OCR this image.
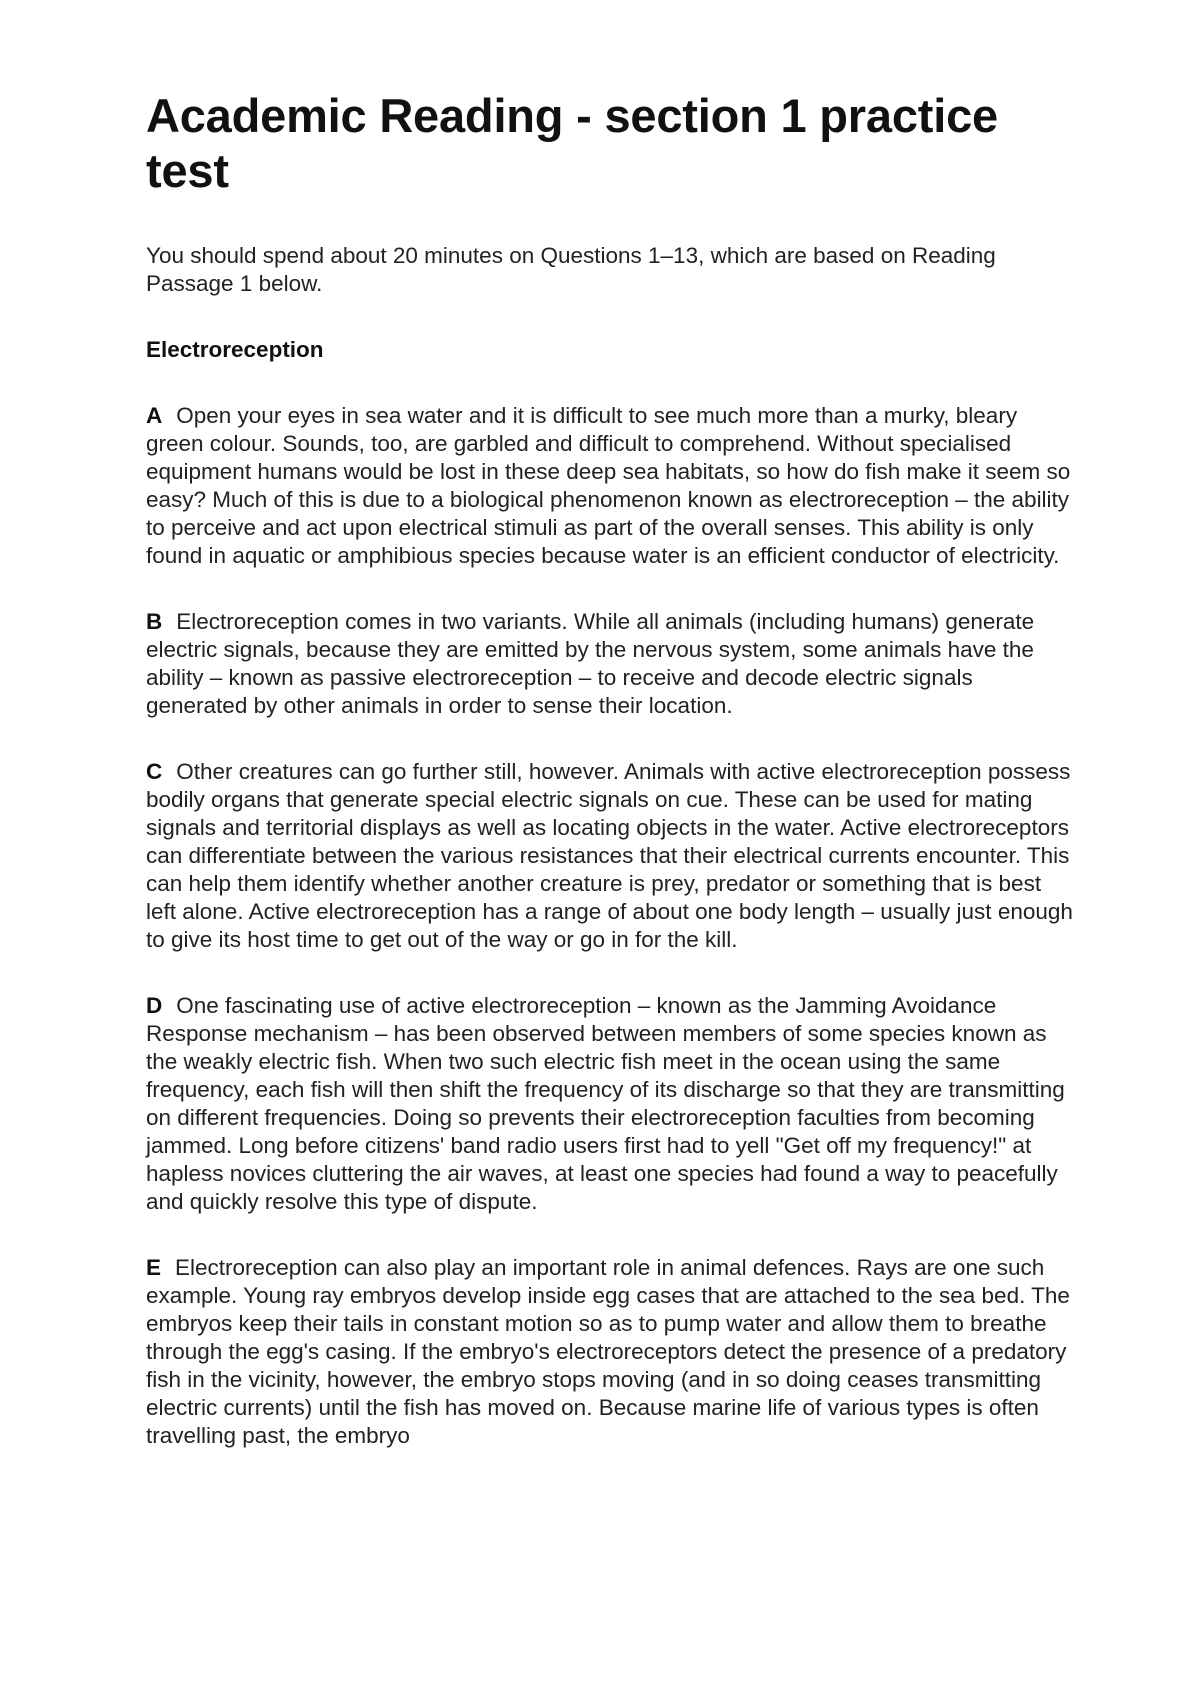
Academic Reading - section 1 practice test

You should spend about 20 minutes on Questions 1–13, which are based on Reading Passage 1 below.

Electroreception

A Open your eyes in sea water and it is difficult to see much more than a murky, bleary green colour. Sounds, too, are garbled and difficult to comprehend. Without specialised equipment humans would be lost in these deep sea habitats, so how do fish make it seem so easy? Much of this is due to a biological phenomenon known as electroreception – the ability to perceive and act upon electrical stimuli as part of the overall senses. This ability is only found in aquatic or amphibious species because water is an efficient conductor of electricity.

B Electroreception comes in two variants. While all animals (including humans) generate electric signals, because they are emitted by the nervous system, some animals have the ability – known as passive electroreception – to receive and decode electric signals generated by other animals in order to sense their location.

C Other creatures can go further still, however. Animals with active electroreception possess bodily organs that generate special electric signals on cue. These can be used for mating signals and territorial displays as well as locating objects in the water. Active electroreceptors can differentiate between the various resistances that their electrical currents encounter. This can help them identify whether another creature is prey, predator or something that is best left alone. Active electroreception has a range of about one body length – usually just enough to give its host time to get out of the way or go in for the kill.

D One fascinating use of active electroreception – known as the Jamming Avoidance Response mechanism – has been observed between members of some species known as the weakly electric fish. When two such electric fish meet in the ocean using the same frequency, each fish will then shift the frequency of its discharge so that they are transmitting on different frequencies. Doing so prevents their electroreception faculties from becoming jammed. Long before citizens' band radio users first had to yell "Get off my frequency!" at hapless novices cluttering the air waves, at least one species had found a way to peacefully and quickly resolve this type of dispute.

E Electroreception can also play an important role in animal defences. Rays are one such example. Young ray embryos develop inside egg cases that are attached to the sea bed. The embryos keep their tails in constant motion so as to pump water and allow them to breathe through the egg's casing. If the embryo's electroreceptors detect the presence of a predatory fish in the vicinity, however, the embryo stops moving (and in so doing ceases transmitting electric currents) until the fish has moved on. Because marine life of various types is often travelling past, the embryo
